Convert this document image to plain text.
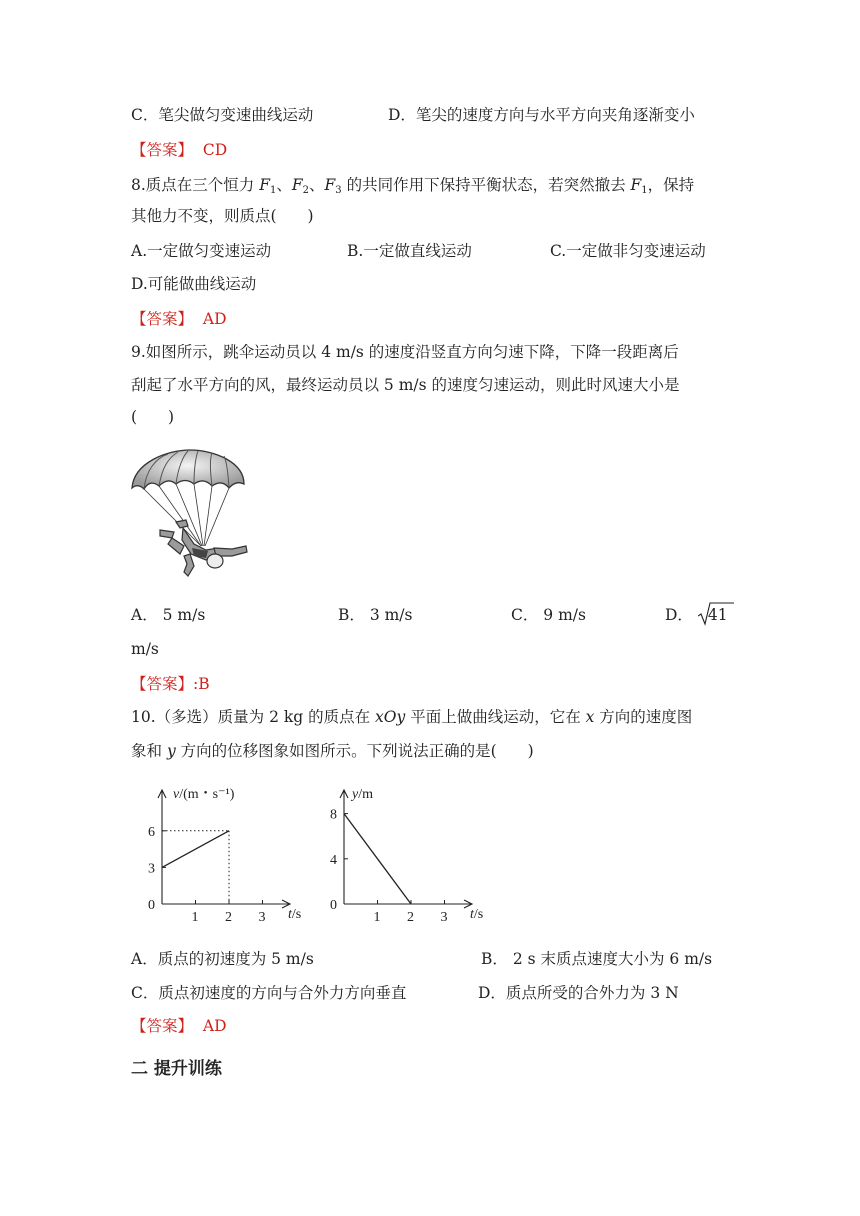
C．笔尖做匀变速曲线运动	D．笔尖的速度方向与水平方向夹角逐渐变小
【答案】 CD
8.质点在三个恒力 $F_1$、$F_2$、$F_3$ 的共同作用下保持平衡状态，若突然撤去 $F_1$，保持
其他力不变，则质点(　　)
A.一定做匀变速运动	B.一定做直线运动	C.一定做非匀变速运动
D.可能做曲线运动
【答案】 AD
9.如图所示，跳伞运动员以 4 m/s 的速度沿竖直方向匀速下降，下降一段距离后
刮起了水平方向的风，最终运动员以 5 m/s 的速度匀速运动，则此时风速大小是
(　　)
A． 5 m/s	B． 3 m/s	C． 9 m/s	D． 41
m/s
【答案】:B
10.（多选）质量为 2 kg 的质点在 xOy 平面上做曲线运动，它在 x 方向的速度图
象和 y 方向的位移图象如图所示。下列说法正确的是(　　)
v/(m・s⁻¹)
t/s
0
1 2 3
3
6
y/m
t/s
0
1 2 3
4
8
A．质点的初速度为 5 m/s	B． 2 s 末质点速度大小为 6 m/s
C．质点初速度的方向与合外力方向垂直	D．质点所受的合外力为 3 N
【答案】 AD
二 提升训练
